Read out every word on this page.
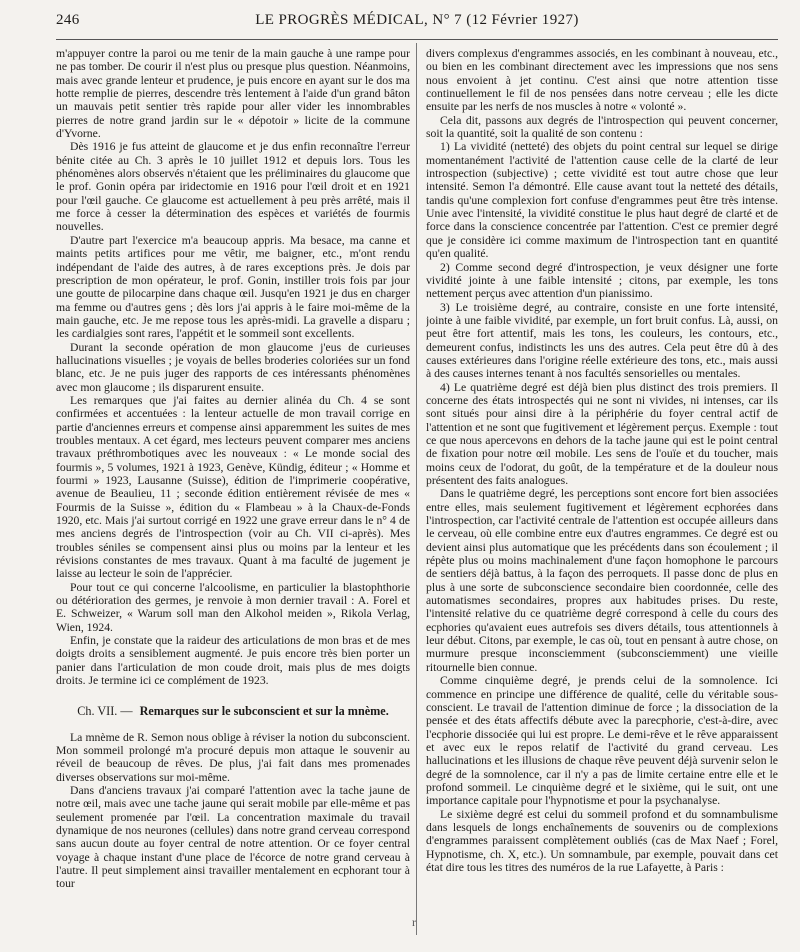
246	LE PROGRÈS MÉDICAL, N° 7 (12 Février 1927)

m'appuyer contre la paroi ou me tenir de la main gauche à une rampe pour ne pas tomber. De courir il n'est plus ou presque plus question. Néanmoins, mais avec grande lenteur et prudence, je puis encore en ayant sur le dos ma hotte remplie de pierres, descendre très lentement à l'aide d'un grand bâton un mauvais petit sentier très rapide pour aller vider les innombrables pierres de notre grand jardin sur le « dépotoir » licite de la commune d'Yvorne.

Dès 1916 je fus atteint de glaucome et je dus enfin reconnaître l'erreur bénite citée au Ch. 3 après le 10 juillet 1912 et depuis lors. Tous les phénomènes alors observés n'étaient que les préliminaires du glaucome que le prof. Gonin opéra par iridectomie en 1916 pour l'œil droit et en 1921 pour l'œil gauche. Ce glaucome est actuellement à peu près arrêté, mais il me force à cesser la détermination des espèces et variétés de fourmis nouvelles.

D'autre part l'exercice m'a beaucoup appris. Ma besace, ma canne et maints petits artifices pour me vêtir, me baigner, etc., m'ont rendu indépendant de l'aide des autres, à de rares exceptions près. Je dois par prescription de mon opérateur, le prof. Gonin, instiller trois fois par jour une goutte de pilocarpine dans chaque œil. Jusqu'en 1921 je dus en charger ma femme ou d'autres gens ; dès lors j'ai appris à le faire moi-même de la main gauche, etc. Je me repose tous les après-midi. La gravelle a disparu ; les cardialgies sont rares, l'appétit et le sommeil sont excellents.

Durant la seconde opération de mon glaucome j'eus de curieuses hallucinations visuelles ; je voyais de belles broderies coloriées sur un fond blanc, etc. Je ne puis juger des rapports de ces intéressants phénomènes avec mon glaucome ; ils disparurent ensuite.

Les remarques que j'ai faites au dernier alinéa du Ch. 4 se sont confirmées et accentuées : la lenteur actuelle de mon travail corrige en partie d'anciennes erreurs et compense ainsi apparemment les suites de mes troubles mentaux. A cet égard, mes lecteurs peuvent comparer mes anciens travaux préthrombotiques avec les nouveaux : « Le monde social des fourmis », 5 volumes, 1921 à 1923, Genève, Kündig, éditeur ; « Homme et fourmi » 1923, Lausanne (Suisse), édition de l'imprimerie coopérative, avenue de Beaulieu, 11 ; seconde édition entièrement révisée de mes « Fourmis de la Suisse », édition du « Flambeau » à la Chaux-de-Fonds 1920, etc. Mais j'ai surtout corrigé en 1922 une grave erreur dans le n° 4 de mes anciens degrés de l'introspection (voir au Ch. VII ci-après). Mes troubles séniles se compensent ainsi plus ou moins par la lenteur et les révisions constantes de mes travaux. Quant à ma faculté de jugement je laisse au lecteur le soin de l'apprécier.

Pour tout ce qui concerne l'alcoolisme, en particulier la blastophthorie ou détérioration des germes, je renvoie à mon dernier travail : A. Forel et E. Schweizer, « Warum soll man den Alkohol meiden », Rikola Verlag, Wien, 1924.

Enfin, je constate que la raideur des articulations de mon bras et de mes doigts droits a sensiblement augmenté. Je puis encore très bien porter un panier dans l'articulation de mon coude droit, mais plus de mes doigts droits. Je termine ici ce complément de 1923.

Ch. VII. — Remarques sur le subconscient et sur la mnème.

La mnème de R. Semon nous oblige à réviser la notion du subconscient. Mon sommeil prolongé m'a procuré depuis mon attaque le souvenir au réveil de beaucoup de rêves. De plus, j'ai fait dans mes promenades diverses observations sur moi-même.

Dans d'anciens travaux j'ai comparé l'attention avec la tache jaune de notre œil, mais avec une tache jaune qui serait mobile par elle-même et pas seulement promenée par l'œil. La concentration maximale du travail dynamique de nos neurones (cellules) dans notre grand cerveau correspond sans aucun doute au foyer central de notre attention. Or ce foyer central voyage à chaque instant d'une place de l'écorce de notre grand cerveau à l'autre. Il peut simplement ainsi travailler mentalement en ecphorant tour à tour

divers complexus d'engrammes associés, en les combinant à nouveau, etc., ou bien en les combinant directement avec les impressions que nos sens nous envoient à jet continu. C'est ainsi que notre attention tisse continuellement le fil de nos pensées dans notre cerveau ; elle les dicte ensuite par les nerfs de nos muscles à notre « volonté ».

Cela dit, passons aux degrés de l'introspection qui peuvent concerner, soit la quantité, soit la qualité de son contenu :

1) La vividité (netteté) des objets du point central sur lequel se dirige momentanément l'activité de l'attention cause celle de la clarté de leur introspection (subjective) ; cette vividité est tout autre chose que leur intensité. Semon l'a démontré. Elle cause avant tout la netteté des détails, tandis qu'une complexion fort confuse d'engrammes peut être très intense. Unie avec l'intensité, la vividité constitue le plus haut degré de clarté et de force dans la conscience concentrée par l'attention. C'est ce premier degré que je considère ici comme maximum de l'introspection tant en quantité qu'en qualité.

2) Comme second degré d'introspection, je veux désigner une forte vividité jointe à une faible intensité ; citons, par exemple, les tons nettement perçus avec attention d'un pianissimo.

3) Le troisième degré, au contraire, consiste en une forte intensité, jointe à une faible vividité, par exemple, un fort bruit confus. Là, aussi, on peut être fort attentif, mais les tons, les couleurs, les contours, etc., demeurent confus, indistincts les uns des autres. Cela peut être dû à des causes extérieures dans l'origine réelle extérieure des tons, etc., mais aussi à des causes internes tenant à nos facultés sensorielles ou mentales.

4) Le quatrième degré est déjà bien plus distinct des trois premiers. Il concerne des états introspectés qui ne sont ni vivides, ni intenses, car ils sont situés pour ainsi dire à la périphérie du foyer central actif de l'attention et ne sont que fugitivement et légèrement perçus. Exemple : tout ce que nous apercevons en dehors de la tache jaune qui est le point central de fixation pour notre œil mobile. Les sens de l'ouïe et du toucher, mais moins ceux de l'odorat, du goût, de la température et de la douleur nous présentent des faits analogues.

Dans le quatrième degré, les perceptions sont encore fort bien associées entre elles, mais seulement fugitivement et légèrement ecphorées dans l'introspection, car l'activité centrale de l'attention est occupée ailleurs dans le cerveau, où elle combine entre eux d'autres engrammes. Ce degré est ou devient ainsi plus automatique que les précédents dans son écoulement ; il répète plus ou moins machinalement d'une façon homophone le parcours de sentiers déjà battus, à la façon des perroquets. Il passe donc de plus en plus à une sorte de subconscience secondaire bien coordonnée, celle des automatismes secondaires, propres aux habitudes prises. Du reste, l'intensité relative du ce quatrième degré correspond à celle du cours des ecphories qu'avaient eues autrefois ses divers détails, tous attentionnels à leur début. Citons, par exemple, le cas où, tout en pensant à autre chose, on murmure presque inconsciemment (subconsciemment) une vieille ritournelle bien connue.

Comme cinquième degré, je prends celui de la somnolence. Ici commence en principe une différence de qualité, celle du véritable sous-conscient. Le travail de l'attention diminue de force ; la dissociation de la pensée et des états affectifs débute avec la parecphorie, c'est-à-dire, avec l'ecphorie dissociée qui lui est propre. Le demi-rêve et le rêve apparaissent et avec eux le repos relatif de l'activité du grand cerveau. Les hallucinations et les illusions de chaque rêve peuvent déjà survenir selon le degré de la somnolence, car il n'y a pas de limite certaine entre elle et le profond sommeil. Le cinquième degré et le sixième, qui le suit, ont une importance capitale pour l'hypnotisme et pour la psychanalyse.

Le sixième degré est celui du sommeil profond et du somnambulisme dans lesquels de longs enchaînements de souvenirs ou de complexions d'engrammes paraissent complètement oubliés (cas de Max Naef ; Forel, Hypnotisme, ch. X, etc.). Un somnambule, par exemple, pouvait dans cet état dire tous les titres des numéros de la rue Lafayette, à Paris :

r
